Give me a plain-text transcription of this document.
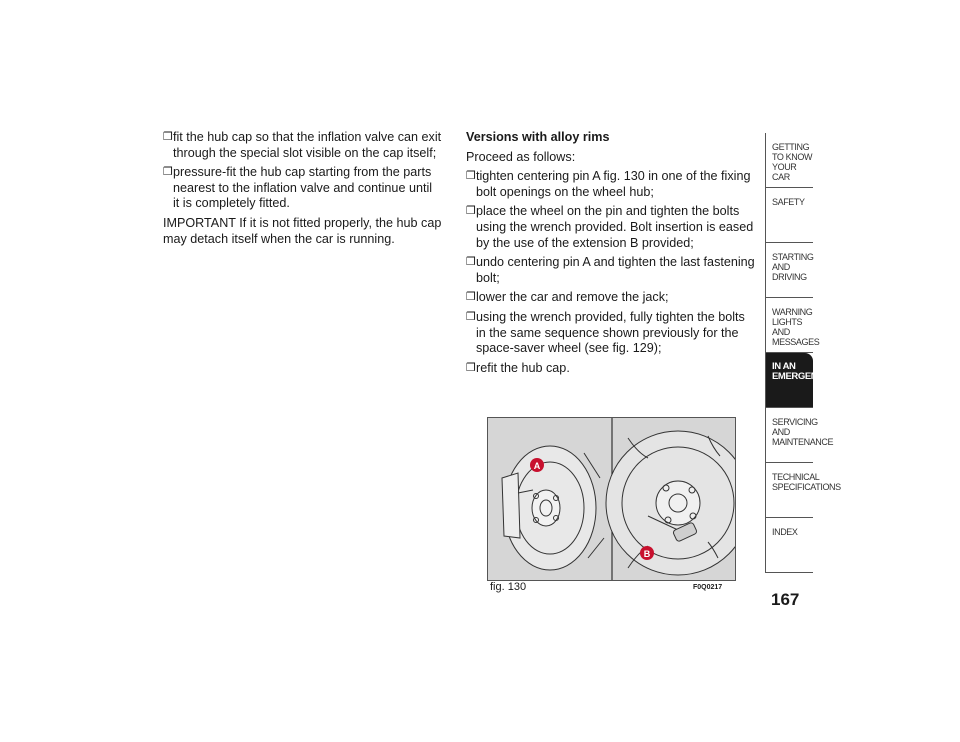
❒ fit the hub cap so that the inflation valve can exit
through the special slot visible on the cap itself;
❒ pressure-fit the hub cap starting from the parts
nearest to the inflation valve and continue until
it is completely fitted.
IMPORTANT If it is not fitted properly, the hub cap
may detach itself when the car is running.
Versions with alloy rims
Proceed as follows:
❒ tighten centering pin A fig. 130 in one of the fixing
bolt openings on the wheel hub;
❒ place the wheel on the pin and tighten the bolts
using the wrench provided. Bolt insertion is eased
by the use of the extension B provided;
❒ undo centering pin A and tighten the last fastening
bolt;
❒ lower the car and remove the jack;
❒ using the wrench provided, fully tighten the bolts
in the same sequence shown previously for the
space-saver wheel (see fig. 129);
❒ refit the hub cap.
A
B
fig. 130	F0Q0217
GETTING TO KNOW
YOUR CAR
SAFETY
STARTING AND
DRIVING
WARNING LIGHTS
AND MESSAGES
IN AN
EMERGENCY
SERVICING AND
MAINTENANCE
TECHNICAL
SPECIFICATIONS
INDEX
167
